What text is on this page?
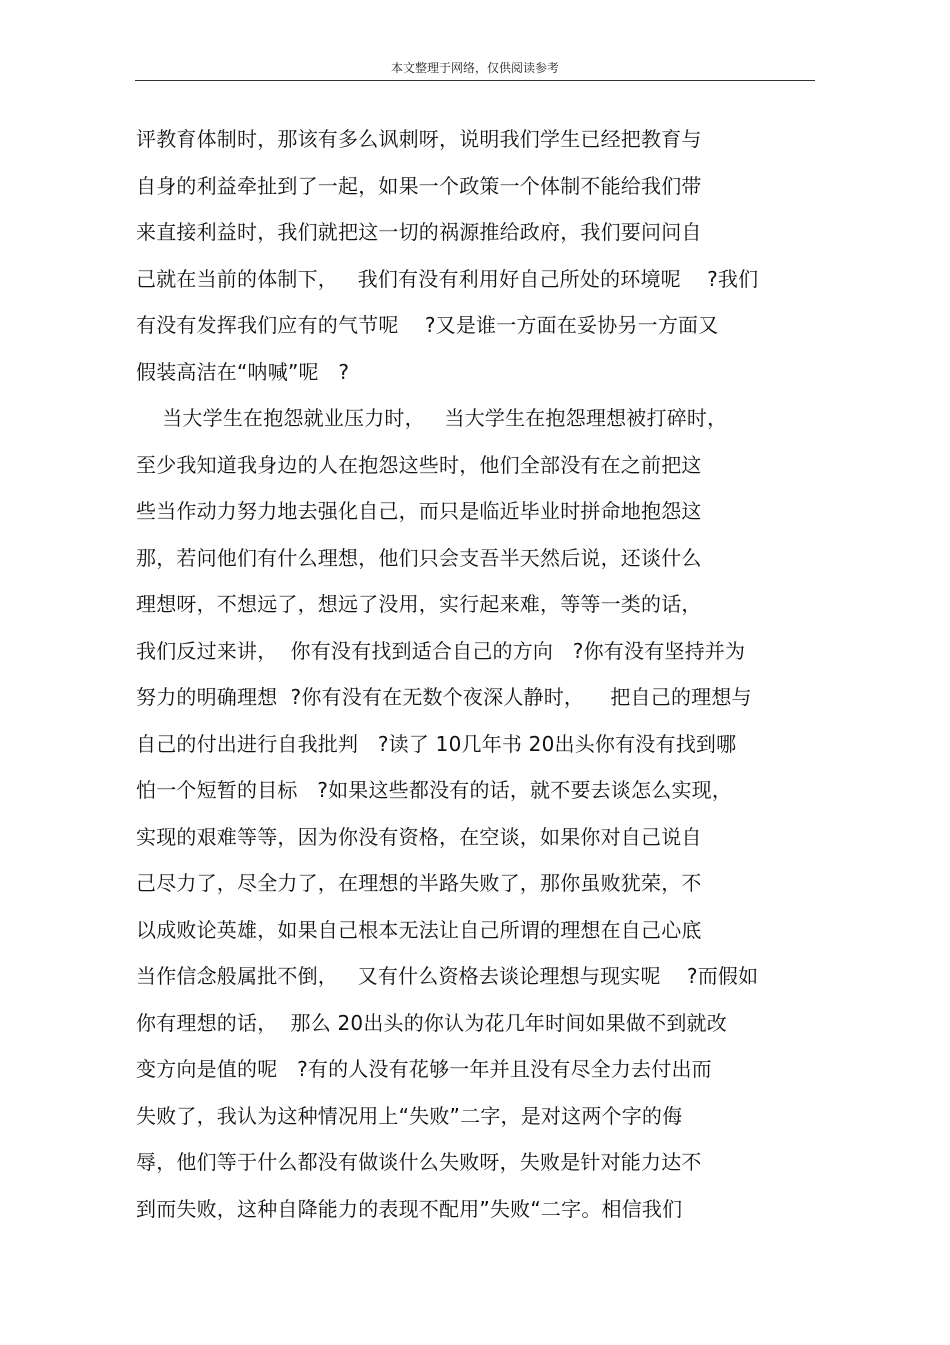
本文整理于网络，仅供阅读参考
评教育体制时，那该有多么讽刺呀，说明我们学生已经把教育与
自身的利益牵扯到了一起，如果一个政策一个体制不能给我们带
来直接利益时，我们就把这一切的祸源推给政府，我们要问问自
己就在当前的体制下，   我们有没有利用好自己所处的环境呢    ?我们
有没有发挥我们应有的气节呢    ?又是谁一方面在妥协另一方面又
假装高洁在“呐喊”呢   ?
当大学生在抱怨就业压力时，   当大学生在抱怨理想被打碎时，
至少我知道我身边的人在抱怨这些时，他们全部没有在之前把这
些当作动力努力地去强化自己，而只是临近毕业时拼命地抱怨这
那，若问他们有什么理想，他们只会支吾半天然后说，还谈什么
理想呀，不想远了，想远了没用，实行起来难，等等一类的话，
我们反过来讲，  你有没有找到适合自己的方向   ?你有没有坚持并为
努力的明确理想  ?你有没有在无数个夜深人静时，    把自己的理想与
自己的付出进行自我批判   ?读了 10几年书 20出头你有没有找到哪
怕一个短暂的目标   ?如果这些都没有的话，就不要去谈怎么实现，
实现的艰难等等，因为你没有资格，在空谈，如果你对自己说自
己尽力了，尽全力了，在理想的半路失败了，那你虽败犹荣，不
以成败论英雄，如果自己根本无法让自己所谓的理想在自己心底
当作信念般属批不倒，   又有什么资格去谈论理想与现实呢    ?而假如
你有理想的话，  那么 20出头的你认为花几年时间如果做不到就改
变方向是值的呢   ?有的人没有花够一年并且没有尽全力去付出而
失败了，我认为这种情况用上“失败”二字，是对这两个字的侮
辱，他们等于什么都没有做谈什么失败呀，失败是针对能力达不
到而失败，这种自降能力的表现不配用”失败“二字。相信我们
